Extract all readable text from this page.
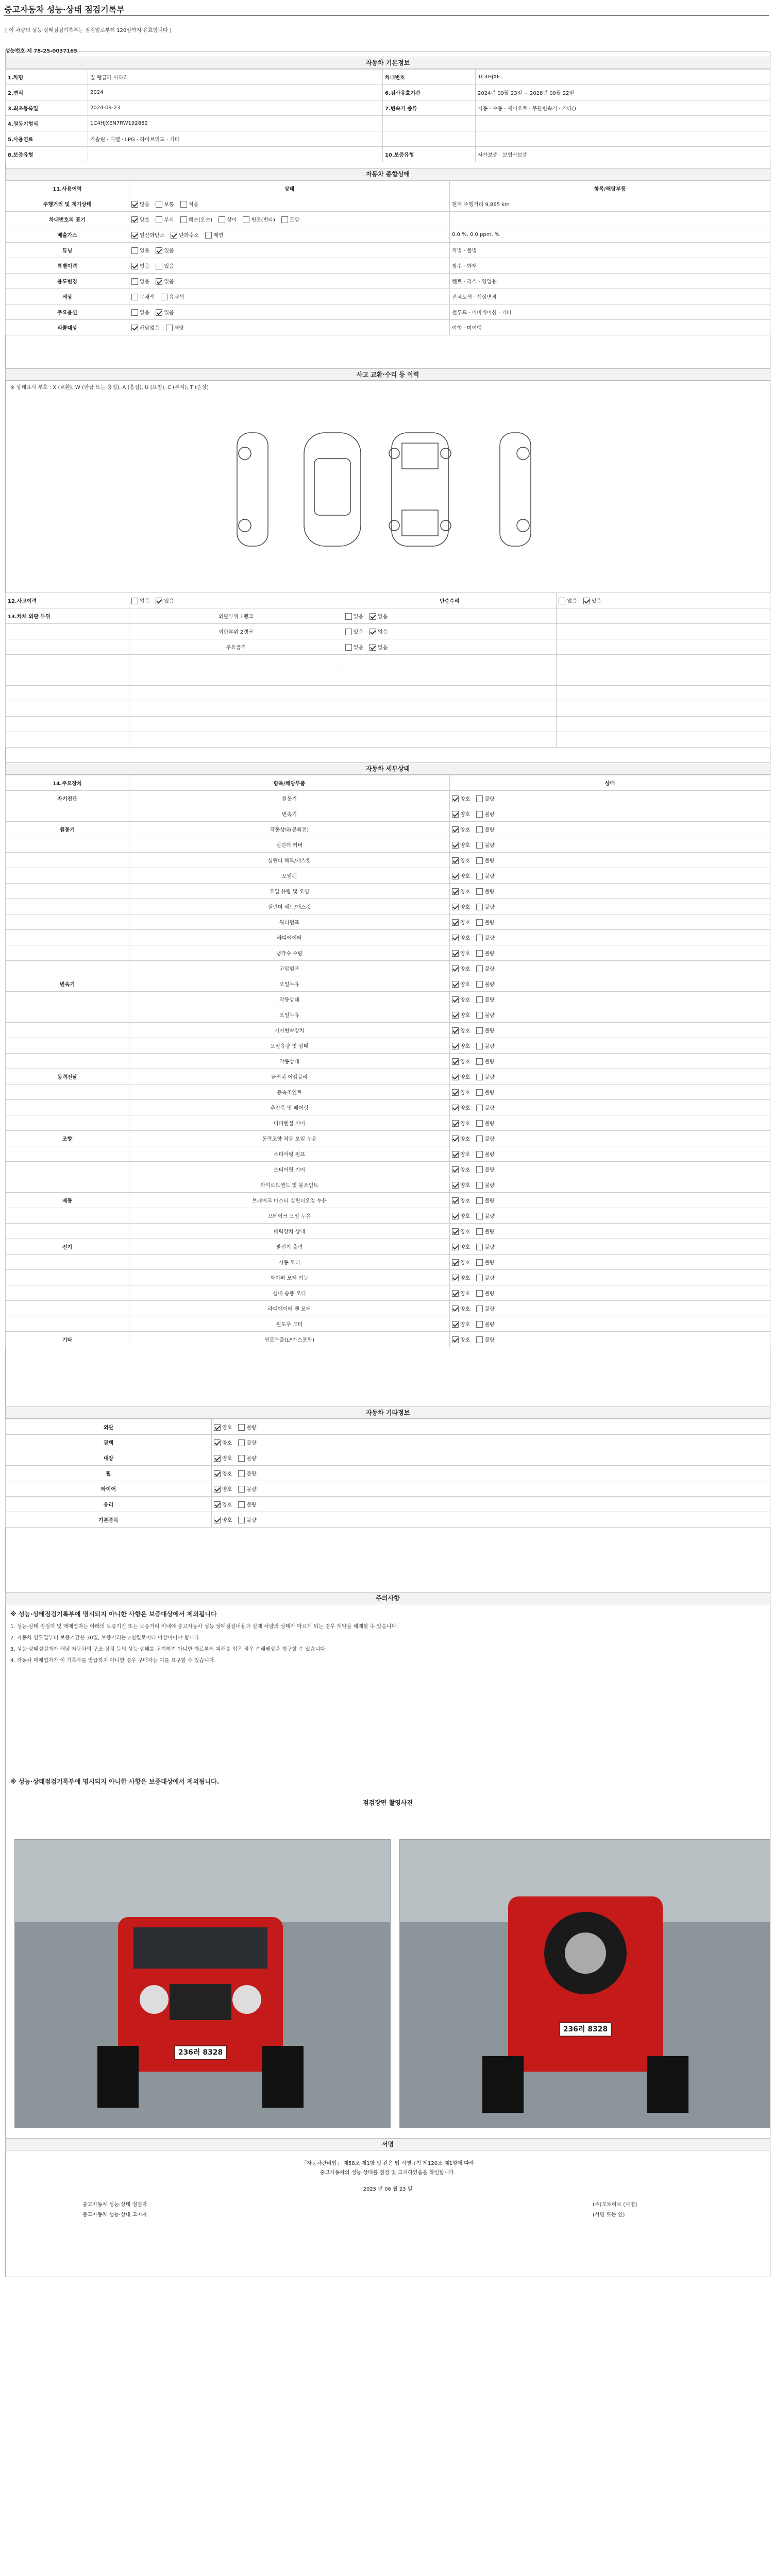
중고자동차 성능·상태 점검기록부
[ 이 차량의 성능·상태점검기록부는 점검일로부터 120일까지 유효합니다 ]
성능번호 제 78-25-0037165
자동차 기본정보
1.차명	짚 랭글러 사하라	차대번호	1C4HJXE...
2.연식	2024	6.검사유효기간	2024년 09월 23일 ~ 2028년 09월 22일
3.최초등록일	2024-09-23	7.변속기 종류	자동 · 수동 · 세미오토 · 무단변속기 · 기타()
4.원동기형식	1C4HJXEN7RW192882		
5.사용연료	가솔린 · 디젤 · LPG · 하이브리드 · 기타		
8.보증유형		10.보증유형	자가보증 · 보험사보증
자동차 종합상태
11.사용이력	상태	항목/해당부품
주행거리 및 계기상태	많음 보통 적음	현재 주행거리 9,865 km
차대번호의 표기	양호 부식 훼손(오손) 상이 변조(변타) 도말	
배출가스	일산화탄소 탄화수소 매연	0.0 %, 0.0 ppm, %
튜닝	없음 있음	적법 · 불법
특별이력	없음 있음	침수 · 화재
용도변경	없음 있음	렌트 · 리스 · 영업용
색상	무채색 유채색	전체도색 · 색상변경
주요옵션	없음 있음	썬루프 · 네비게이션 · 기타
리콜대상	해당없음 해당	이행 · 미이행
사고 교환·수리 등 이력
※ 상태표시 부호 : X (교환), W (판금 또는 용접), A (흠집), U (요철), C (부식), T (손상)
12.사고이력	없음 있음	단순수리	없음 있음
13.차체 외판 부위	외판부위 1랭크	있음 없음	
	외판부위 2랭크	있음 없음	
	주요골격	있음 없음	

자동차 세부상태
14.주요장치	항목/해당부품	상태
자기진단	원동기	양호 불량
	변속기	양호 불량
원동기	작동상태(공회전)	양호 불량
	실린더 커버	양호 불량
	실린더 헤드/개스킷	양호 불량
	오일팬	양호 불량
	오일 유량 및 오염	양호 불량
	실린더 헤드/개스킷	양호 불량
	워터펌프	양호 불량
	라디에이터	양호 불량
	냉각수 수량	양호 불량
	고압펌프	양호 불량
변속기	오일누유	양호 불량
	작동상태	양호 불량
	오일누유	양호 불량
	기어변속장치	양호 불량
	오일유량 및 상태	양호 불량
	작동상태	양호 불량
동력전달	클러치 어셈블리	양호 불량
	등속조인트	양호 불량
	추진축 및 베어링	양호 불량
	디퍼렌셜 기어	양호 불량
조향	동력조향 작동 오일 누유	양호 불량
	스티어링 펌프	양호 불량
	스티어링 기어	양호 불량
	타이로드엔드 및 볼조인트	양호 불량
제동	브레이크 마스터 실린더오일 누유	양호 불량
	브레이크 오일 누유	양호 불량
	배력장치 상태	양호 불량
전기	발전기 출력	양호 불량
	시동 모터	양호 불량
	와이퍼 모터 기능	양호 불량
	실내 송풍 모터	양호 불량
	라디에이터 팬 모터	양호 불량
	윈도우 모터	양호 불량
기타	연료누출(LP가스포함)	양호 불량
자동차 기타정보
외관	양호 불량
광택	양호 불량
내장	양호 불량
휠	양호 불량
타이어	양호 불량
유리	양호 불량
기본품목	양호 불량
주의사항
※ 성능·상태점검기록부에 명시되지 아니한 사항은 보증대상에서 제외됩니다
1. 성능·상태 점검자 및 매매업자는 아래의 보증기간 또는 보증거리 이내에 중고자동차 성능·상태점검내용과 실제 차량의 상태가 다르게 되는 경우 계약을 해제할 수 있습니다.
2. 자동차 인도일부터 보증기간은 30일, 보증거리는 2천킬로미터 이상이어야 합니다.
3. 성능·상태점검자가 해당 자동차의 구조·장치 등의 성능·상태를 고지하지 아니한 자로부터 피해를 입은 경우 손해배상을 청구할 수 있습니다.
4. 자동차 매매업자가 이 기록부를 발급하지 아니한 경우 구매자는 이를 요구할 수 있습니다.
※ 성능·상태점검기록부에 명시되지 아니한 사항은 보증대상에서 제외됩니다.
점검장면 촬영사진
236러 8328
236러 8328
서명
「자동차관리법」 제58조 제1항 및 같은 법 시행규칙 제120조 제1항에 따라
중고자동차의 성능·상태를 점검 및 고지하였음을 확인합니다.
2025 년 06 월 23 일
중고자동차 성능·상태 점검자	(주)오토허브 (서명)
중고자동차 성능·상태 고지자	(서명 또는 인)
